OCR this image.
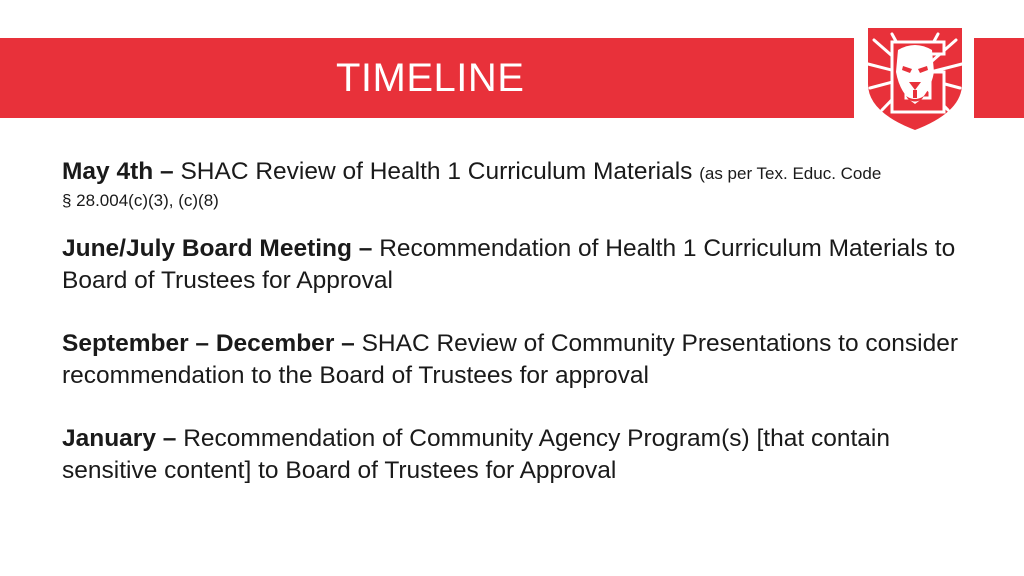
TIMELINE
May 4th – SHAC Review of Health 1 Curriculum Materials (as per Tex. Educ. Code
§ 28.004(c)(3), (c)(8)
June/July Board Meeting – Recommendation of Health 1 Curriculum Materials to Board of Trustees for Approval
September – December – SHAC Review of Community Presentations to consider recommendation to the Board of Trustees for approval
January – Recommendation of Community Agency Program(s) [that contain sensitive content] to Board of Trustees for Approval
